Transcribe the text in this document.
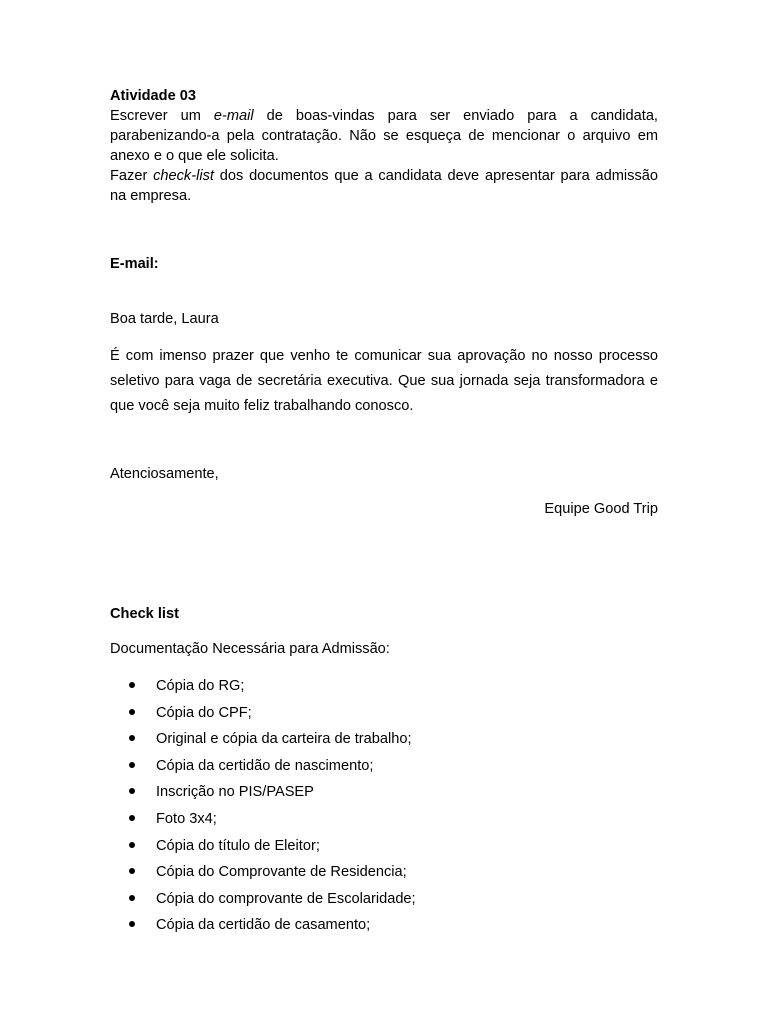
Atividade 03

Escrever um e-mail de boas-vindas para ser enviado para a candidata, parabenizando-a pela contratação. Não se esqueça de mencionar o arquivo em anexo e o que ele solicita.

Fazer check-list dos documentos que a candidata deve apresentar para admissão na empresa.

E-mail:
Boa tarde, Laura

É com imenso prazer que venho te comunicar sua aprovação no nosso processo seletivo para vaga de secretária executiva. Que sua jornada seja transformadora e que você seja muito feliz trabalhando conosco.

Atenciosamente,
Equipe Good Trip
Check list
Documentação Necessária para Admissão:
Cópia do RG;
Cópia do CPF;
Original e cópia da carteira de trabalho;
Cópia da certidão de nascimento;
Inscrição no PIS/PASEP
Foto 3x4;
Cópia do título de Eleitor;
Cópia do Comprovante de Residencia;
Cópia do comprovante de Escolaridade;
Cópia da certidão de casamento;
